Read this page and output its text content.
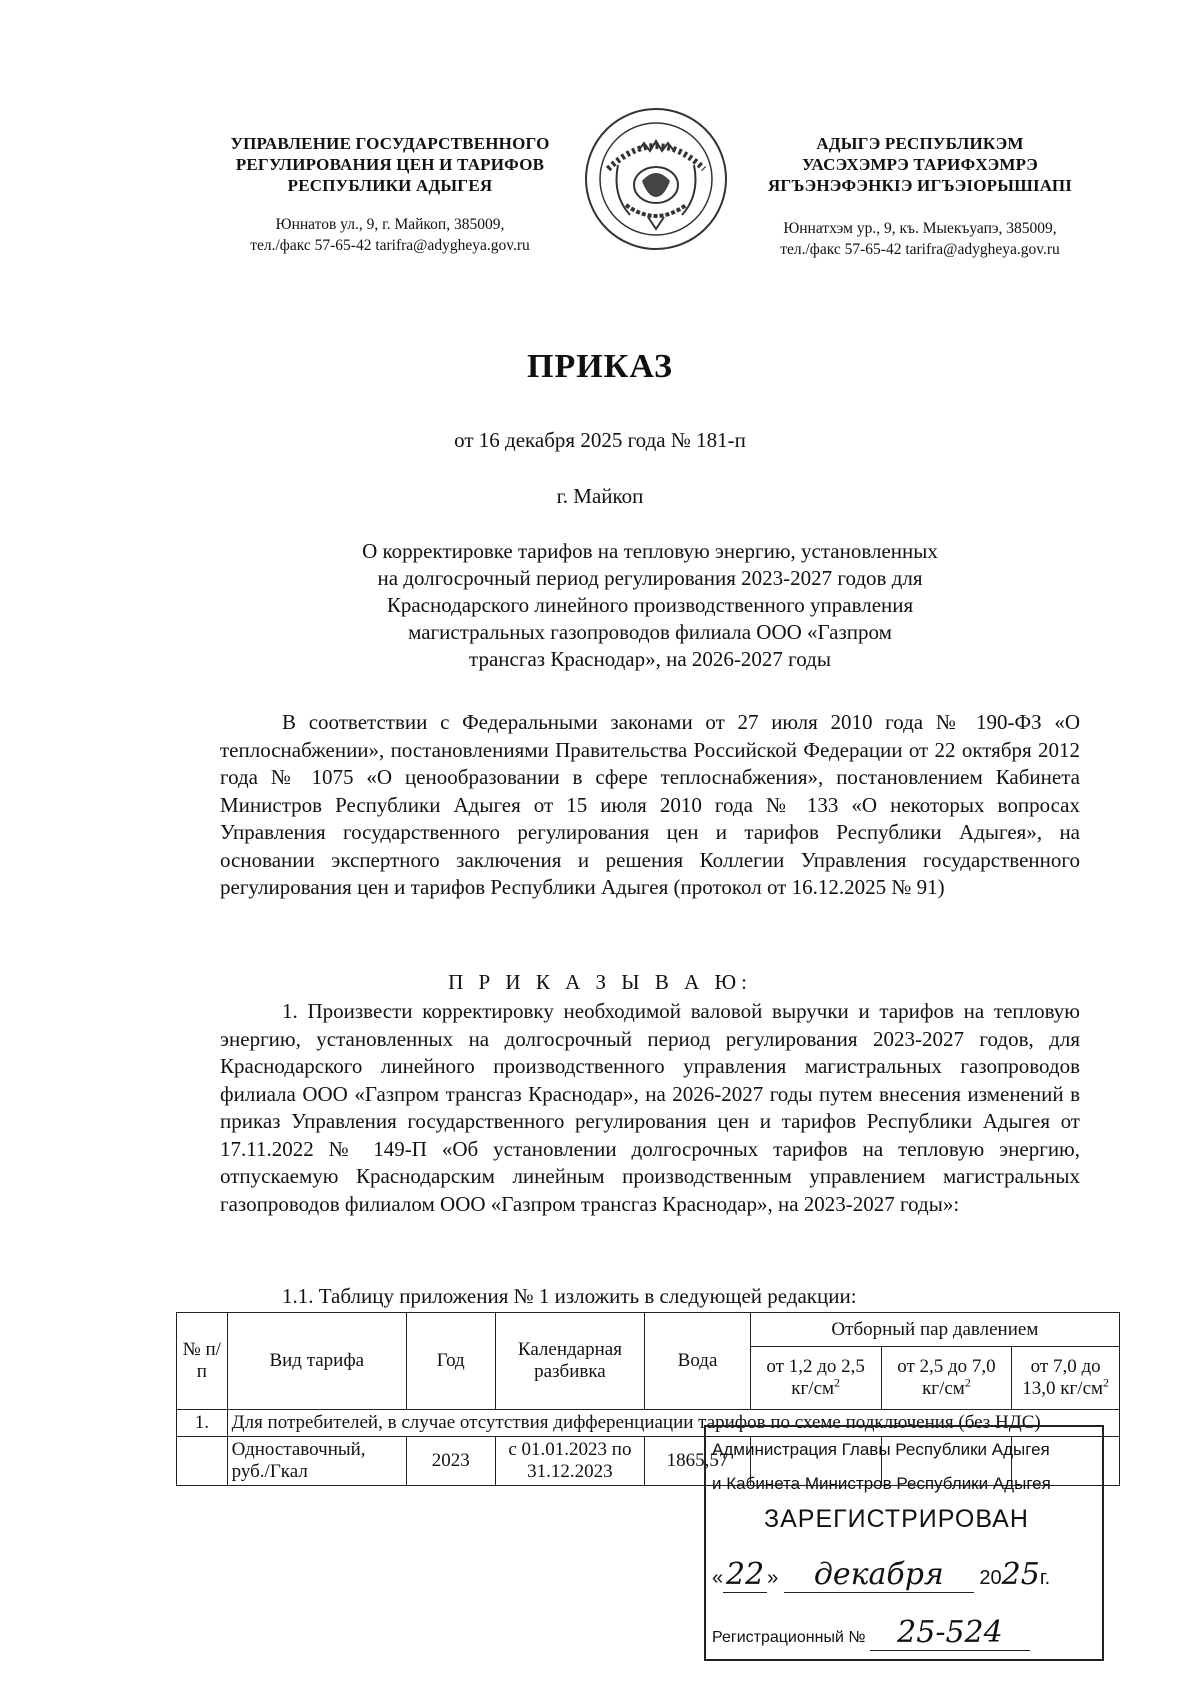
УПРАВЛЕНИЕ ГОСУДАРСТВЕННОГО
РЕГУЛИРОВАНИЯ ЦЕН И ТАРИФОВ
РЕСПУБЛИКИ АДЫГЕЯ
Юннатов ул., 9, г. Майкоп, 385009,
тел./факс 57-65-42 tarifra@adygheya.gov.ru
АДЫГЭ РЕСПУБЛИКЭМ
УАСЭХЭМРЭ ТАРИФХЭМРЭ
ЯГЪЭНЭФЭНКIЭ ИГЪЭIОРЫШIАПI
Юннатхэм ур., 9, къ. Мыекъуапэ, 385009,
тел./факс 57-65-42 tarifra@adygheya.gov.ru
ПРИКАЗ
от 16 декабря 2025 года № 181-п
г. Майкоп
О корректировке тарифов на тепловую энергию, установленных
на долгосрочный период регулирования 2023-2027 годов для
Краснодарского линейного производственного управления
магистральных газопроводов филиала ООО «Газпром
трансгаз Краснодар», на 2026-2027 годы
В соответствии с Федеральными законами от 27 июля 2010 года № 190-ФЗ «О теплоснабжении», постановлениями Правительства Российской Федерации от 22 октября 2012 года № 1075 «О ценообразовании в сфере теплоснабжения», постановлением Кабинета Министров Республики Адыгея от 15 июля 2010 года № 133 «О некоторых вопросах Управления государственного регулирования цен и тарифов Республики Адыгея», на основании экспертного заключения и решения Коллегии Управления государственного регулирования цен и тарифов Республики Адыгея (протокол от 16.12.2025 № 91)
П Р И К А З Ы В А Ю:
1. Произвести корректировку необходимой валовой выручки и тарифов на тепловую энергию, установленных на долгосрочный период регулирования 2023-2027 годов, для Краснодарского линейного производственного управления магистральных газопроводов филиала ООО «Газпром трансгаз Краснодар», на 2026-2027 годы путем внесения изменений в приказ Управления государственного регулирования цен и тарифов Республики Адыгея от 17.11.2022 № 149-П «Об установлении долгосрочных тарифов на тепловую энергию, отпускаемую Краснодарским линейным производственным управлением магистральных газопроводов филиалом ООО «Газпром трансгаз Краснодар», на 2023-2027 годы»:
1.1. Таблицу приложения № 1 изложить в следующей редакции:
№ п/п	Вид тарифа	Год	Календарная разбивка	Вода	Отборный пар давлением		
					от 1,2 до 2,5 $кг/см^2$	от 2,5 до 7,0 $кг/см^2$	от 7,0 до 13,0 $кг/см^2$
1.	Для потребителей, в случае отсутствия дифференциации тарифов по схеме подключения (без НДС)						
	Одноставочный, руб./Гкал	2023	с 01.01.2023 по 31.12.2023	1865,57			
Администрация Главы Республики Адыгея
и Кабинета Министров Республики Адыгея
ЗАРЕГИСТРИРОВАН
«22 » декабря 2025г.
Регистрационный № 25-524
